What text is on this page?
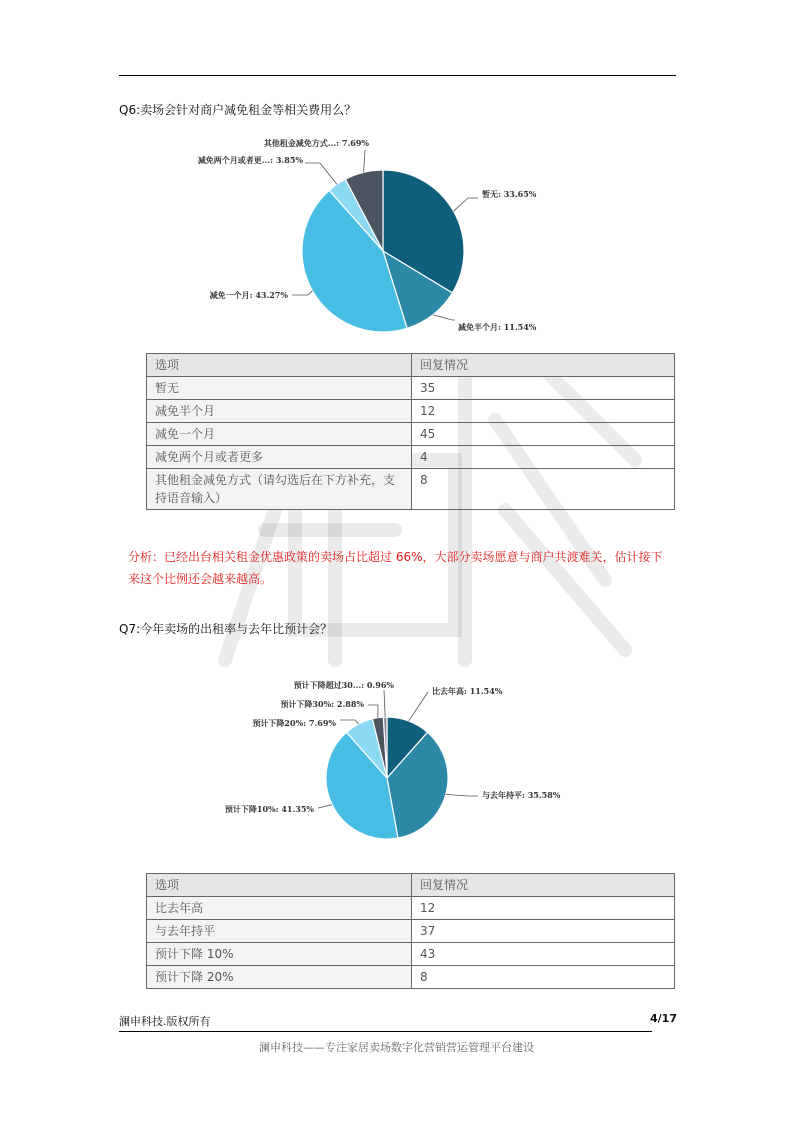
Q6:卖场会针对商户减免租金等相关费用么？
暂无: 33.65%
减免半个月: 11.54%
减免一个月: 43.27%
减免两个月或者更...: 3.85%
其他租金减免方式...: 7.69%
选项	回复情况
暂无	35
减免半个月	12
减免一个月	45
减免两个月或者更多	4
其他租金减免方式（请勾选后在下方补充，支持语音输入）	8
分析：已经出台相关租金优惠政策的卖场占比超过 66%，大部分卖场愿意与商户共渡难关，估计接下来这个比例还会越来越高。
Q7:今年卖场的出租率与去年比预计会？
比去年高: 11.54%
与去年持平: 35.58%
预计下降10%: 41.35%
预计下降20%: 7.69%
预计下降30%: 2.88%
预计下降超过30...: 0.96%
选项	回复情况
比去年高	12
与去年持平	37
预计下降 10%	43
预计下降 20%	8
澜申科技.版权所有	4/17
澜申科技——专注家居卖场数字化营销营运管理平台建设
